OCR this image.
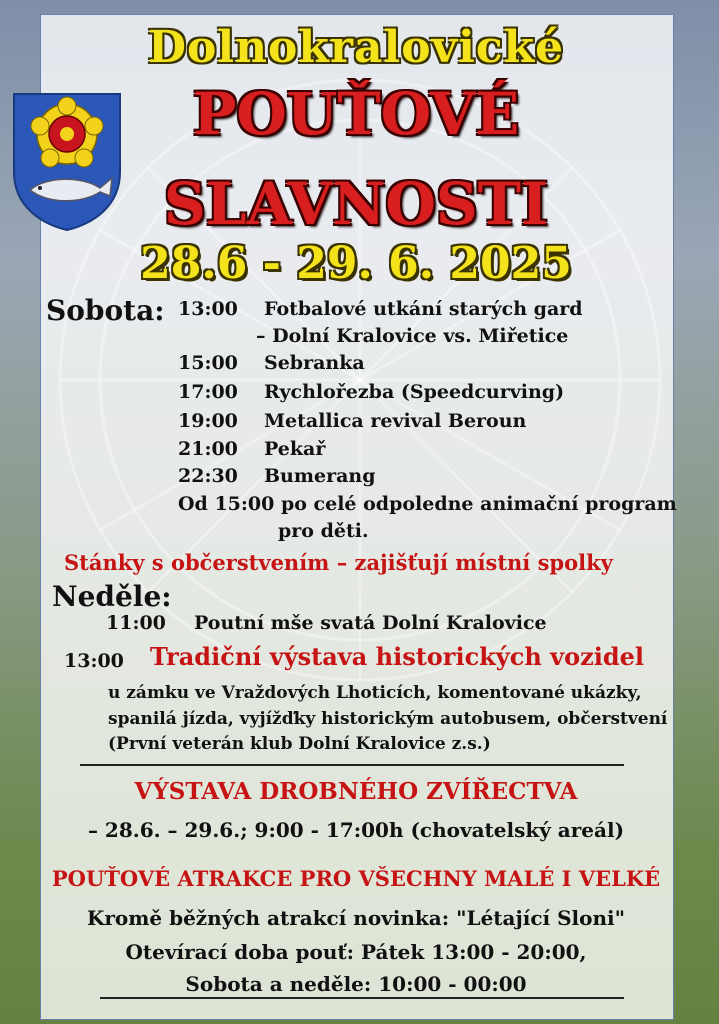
Dolnokralovické
POUŤOVÉ
SLAVNOSTI
28.6 - 29. 6. 2025
Sobota: 13:00 Fotbalové utkání starých gard
– Dolní Kralovice vs. Miřetice
15:00 Sebranka
17:00 Rychlořezba (Speedcurving)
19:00 Metallica revival Beroun
21:00 Pekař
22:30 Bumerang
Od 15:00 po celé odpoledne animační program
pro děti.
Stánky s občerstvením – zajišťují místní spolky
Neděle:
11:00 Poutní mše svatá Dolní Kralovice
13:00 Tradiční výstava historických vozidel
u zámku ve Vraždových Lhoticích, komentované ukázky,
spanilá jízda, vyjížďky historickým autobusem, občerstvení
(První veterán klub Dolní Kralovice z.s.)
VÝSTAVA DROBNÉHO ZVÍŘECTVA
– 28.6. – 29.6.; 9:00 - 17:00h (chovatelský areál)
POUŤOVÉ ATRAKCE PRO VŠECHNY MALÉ I VELKÉ
Kromě běžných atrakcí novinka: "Létající Sloni"
Otevírací doba pouť: Pátek 13:00 - 20:00,
Sobota a neděle: 10:00 - 00:00
